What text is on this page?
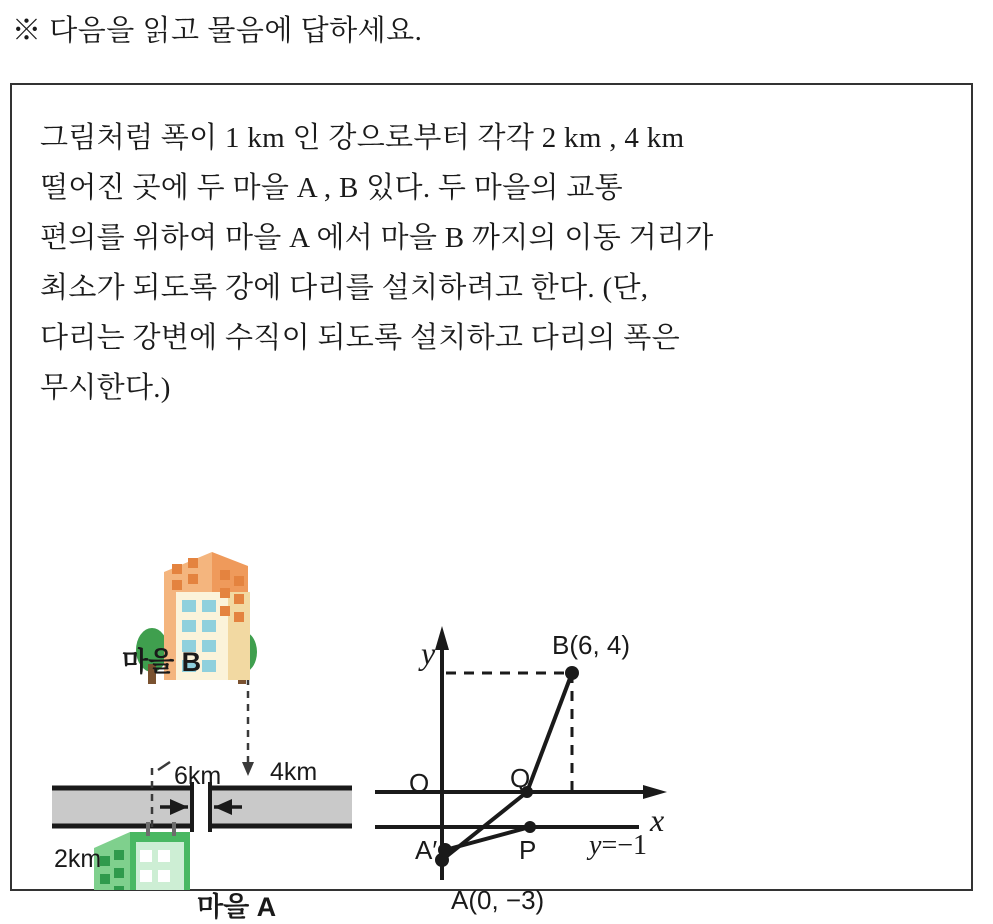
※ 다음을 읽고 물음에 답하세요.
그림처럼 폭이 1 km 인 강으로부터 각각 2 km , 4 km
떨어진 곳에 두 마을 A , B 있다. 두 마을의 교통
편의를 위하여 마을 A 에서 마을 B 까지의 이동 거리가
최소가 되도록 강에 다리를 설치하려고 한다. (단,
다리는 강변에 수직이 되도록 설치하고 다리의 폭은
무시한다.)
마을 B
마을 A
6km 4km
2km
y
x
O	Q
P
A′
A(0, −3)
B(6, 4)
y=−1
